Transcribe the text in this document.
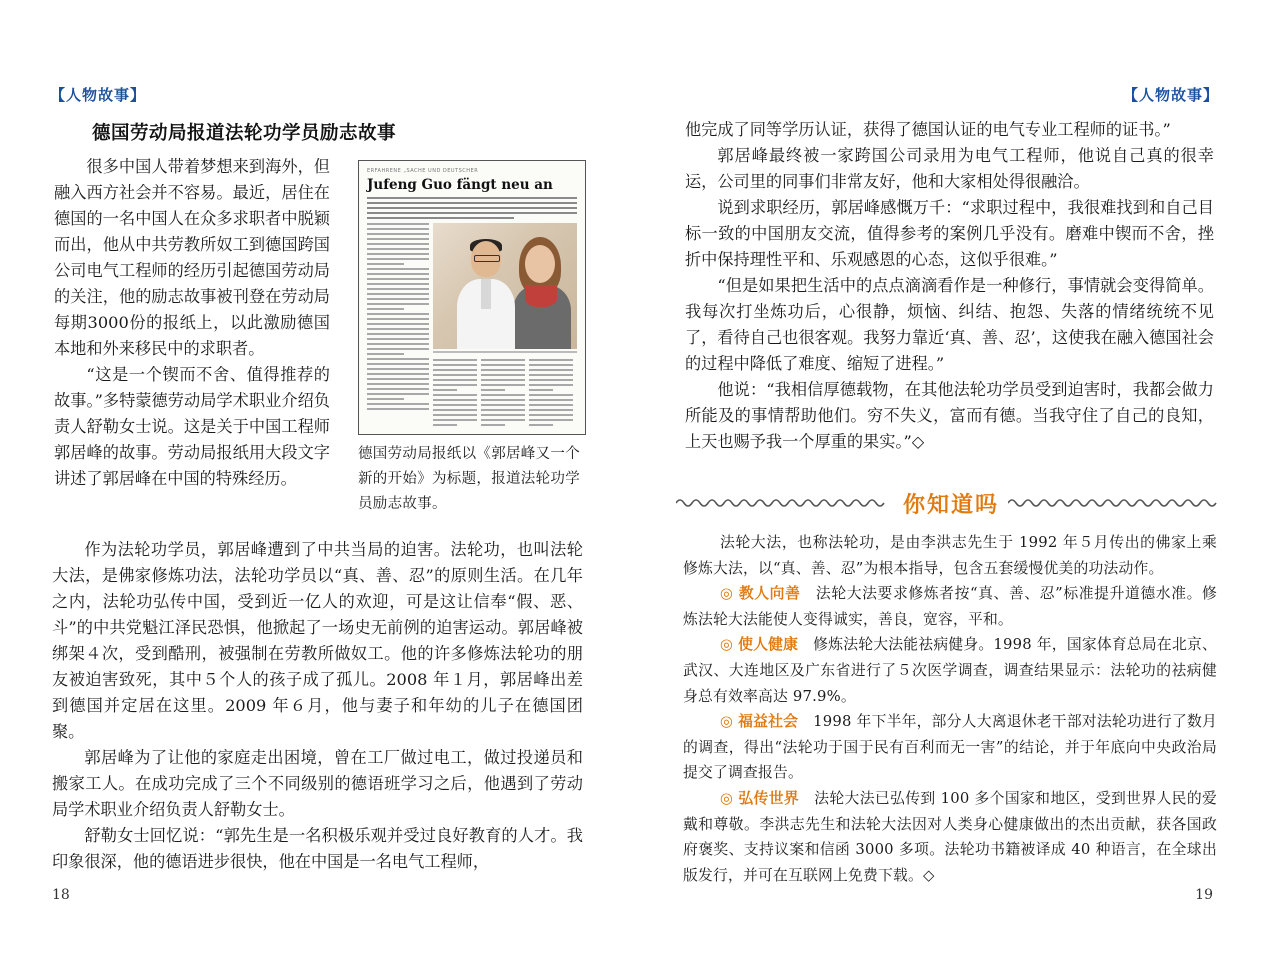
【人物故事】
德国劳动局报道法轮功学员励志故事

很多中国人带着梦想来到海外，但融入西方社会并不容易。最近，居住在德国的一名中国人在众多求职者中脱颖而出，他从中共劳教所奴工到德国跨国公司电气工程师的经历引起德国劳动局的关注，他的励志故事被刊登在劳动局每期3000份的报纸上，以此激励德国本地和外来移民中的求职者。

“这是一个锲而不舍、值得推荐的故事。”多特蒙德劳动局学术职业介绍负责人舒勒女士说。这是关于中国工程师郭居峰的故事。劳动局报纸用大段文字讲述了郭居峰在中国的特殊经历。

ERFAHRENE „SACHE UND DEUTSCHER
Jufeng Guo fängt neu an

德国劳动局报纸以《郭居峰又一个新的开始》为标题，报道法轮功学员励志故事。

作为法轮功学员，郭居峰遭到了中共当局的迫害。法轮功，也叫法轮大法，是佛家修炼功法，法轮功学员以“真、善、忍”的原则生活。在几年之内，法轮功弘传中国，受到近一亿人的欢迎，可是这让信奉“假、恶、斗”的中共党魁江泽民恐惧，他掀起了一场史无前例的迫害运动。郭居峰被绑架４次，受到酷刑，被强制在劳教所做奴工。他的许多修炼法轮功的朋友被迫害致死，其中５个人的孩子成了孤儿。2008 年１月，郭居峰出差到德国并定居在这里。2009 年６月，他与妻子和年幼的儿子在德国团聚。

郭居峰为了让他的家庭走出困境，曾在工厂做过电工，做过投递员和搬家工人。在成功完成了三个不同级别的德语班学习之后，他遇到了劳动局学术职业介绍负责人舒勒女士。

舒勒女士回忆说：“郭先生是一名积极乐观并受过良好教育的人才。我印象很深，他的德语进步很快，他在中国是一名电气工程师，

18
【人物故事】
19

他完成了同等学历认证，获得了德国认证的电气专业工程师的证书。”

郭居峰最终被一家跨国公司录用为电气工程师，他说自己真的很幸运，公司里的同事们非常友好，他和大家相处得很融洽。

说到求职经历，郭居峰感慨万千：“求职过程中，我很难找到和自己目标一致的中国朋友交流，值得参考的案例几乎没有。磨难中锲而不舍，挫折中保持理性平和、乐观感恩的心态，这似乎很难。”

“但是如果把生活中的点点滴滴看作是一种修行，事情就会变得简单。我每次打坐炼功后，心很静，烦恼、纠结、抱怨、失落的情绪统统不见了，看待自己也很客观。我努力靠近‘真、善、忍’，这使我在融入德国社会的过程中降低了难度、缩短了进程。”

他说：“我相信厚德载物，在其他法轮功学员受到迫害时，我都会做力所能及的事情帮助他们。穷不失义，富而有德。当我守住了自己的良知，上天也赐予我一个厚重的果实。”◇

你知道吗

法轮大法，也称法轮功，是由李洪志先生于 1992 年５月传出的佛家上乘修炼大法，以“真、善、忍”为根本指导，包含五套缓慢优美的功法动作。

◎ 教人向善　法轮大法要求修炼者按“真、善、忍”标准提升道德水准。修炼法轮大法能使人变得诚实，善良，宽容，平和。

◎ 使人健康　修炼法轮大法能祛病健身。1998 年，国家体育总局在北京、武汉、大连地区及广东省进行了５次医学调查，调查结果显示：法轮功的祛病健身总有效率高达 97.9%。

◎ 福益社会　1998 年下半年，部分人大离退休老干部对法轮功进行了数月的调查，得出“法轮功于国于民有百利而无一害”的结论，并于年底向中央政治局提交了调查报告。

◎ 弘传世界　法轮大法已弘传到 100 多个国家和地区，受到世界人民的爱戴和尊敬。李洪志先生和法轮大法因对人类身心健康做出的杰出贡献，获各国政府褒奖、支持议案和信函 3000 多项。法轮功书籍被译成 40 种语言，在全球出版发行，并可在互联网上免费下载。◇
